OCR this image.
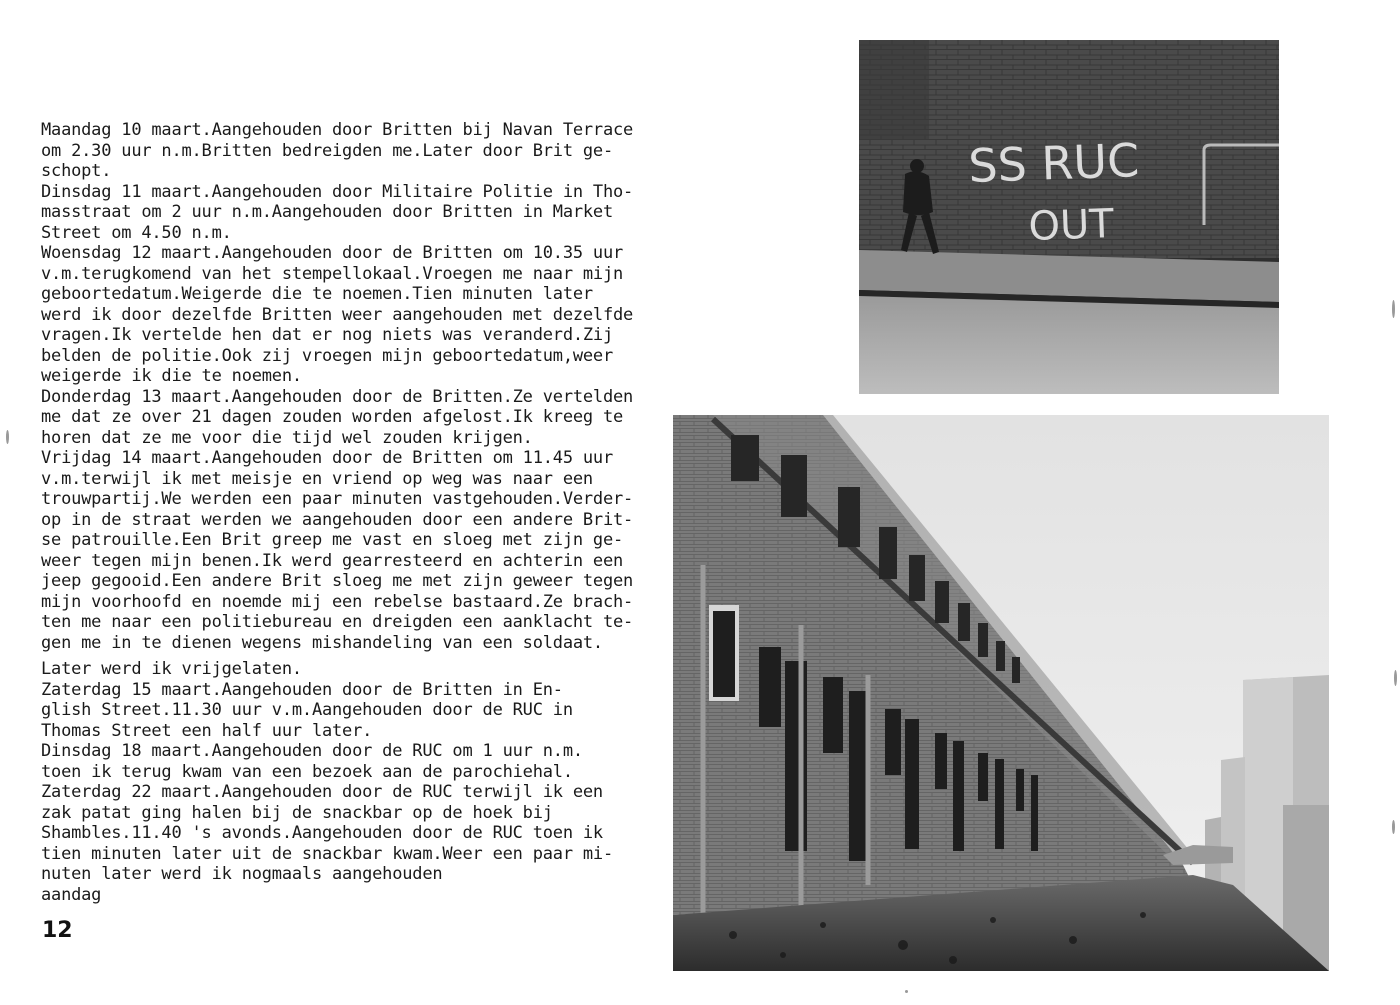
Maandag 10 maart.Aangehouden door Britten bij Navan Terrace
om 2.30 uur n.m.Britten bedreigden me.Later door Brit ge-
schopt.
Dinsdag 11 maart.Aangehouden door Militaire Politie in Tho-
masstraat om 2 uur n.m.Aangehouden door Britten in Market
Street om 4.50 n.m.
Woensdag 12 maart.Aangehouden door de Britten om 10.35 uur
v.m.terugkomend van het stempellokaal.Vroegen me naar mijn
geboortedatum.Weigerde die te noemen.Tien minuten later
werd ik door dezelfde Britten weer aangehouden met dezelfde
vragen.Ik vertelde hen dat er nog niets was veranderd.Zij
belden de politie.Ook zij vroegen mijn geboortedatum,weer
weigerde ik die te noemen.
Donderdag 13 maart.Aangehouden door de Britten.Ze vertelden
me dat ze over 21 dagen zouden worden afgelost.Ik kreeg te
horen dat ze me voor die tijd wel zouden krijgen.
Vrijdag 14 maart.Aangehouden door de Britten om 11.45 uur
v.m.terwijl ik met meisje en vriend op weg was naar een
trouwpartij.We werden een paar minuten vastgehouden.Verder-
op in de straat werden we aangehouden door een andere Brit-
se patrouille.Een Brit greep me vast en sloeg met zijn ge-
weer tegen mijn benen.Ik werd gearresteerd en achterin een
jeep gegooid.Een andere Brit sloeg me met zijn geweer tegen
mijn voorhoofd en noemde mij een rebelse bastaard.Ze brach-
ten me naar een politiebureau en dreigden een aanklacht te-
gen me in te dienen wegens mishandeling van een soldaat.
Later werd ik vrijgelaten.
Zaterdag 15 maart.Aangehouden door de Britten in En-
glish Street.11.30 uur v.m.Aangehouden door de RUC in
Thomas Street een half uur later.
Dinsdag 18 maart.Aangehouden door de RUC om 1 uur n.m.
toen ik terug kwam van een bezoek aan de parochiehal.
Zaterdag 22 maart.Aangehouden door de RUC terwijl ik een
zak patat ging halen bij de snackbar op de hoek bij
Shambles.11.40 's avonds.Aangehouden door de RUC toen ik
tien minuten later uit de snackbar kwam.Weer een paar mi-
nuten later werd ik nogmaals aangehouden
aandag
12
SS RUC
OUT
